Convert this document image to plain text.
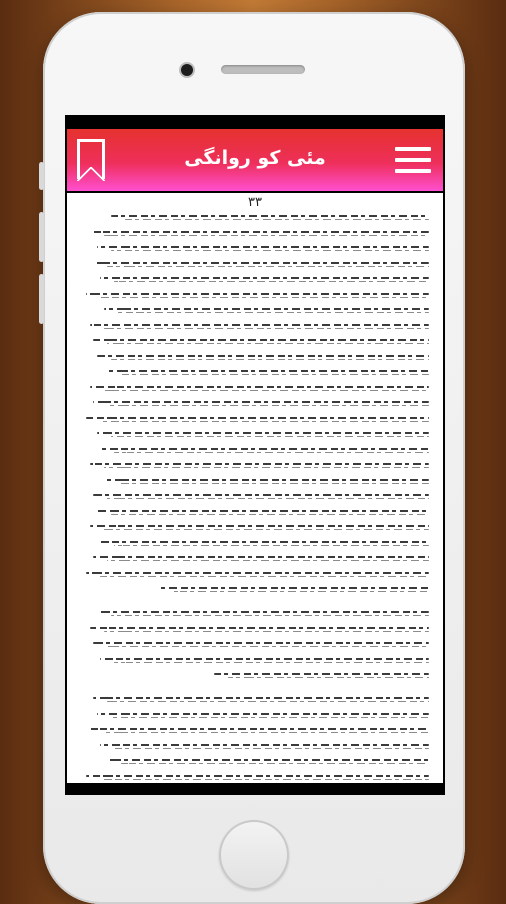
مئی کو روانگی
۳۳
